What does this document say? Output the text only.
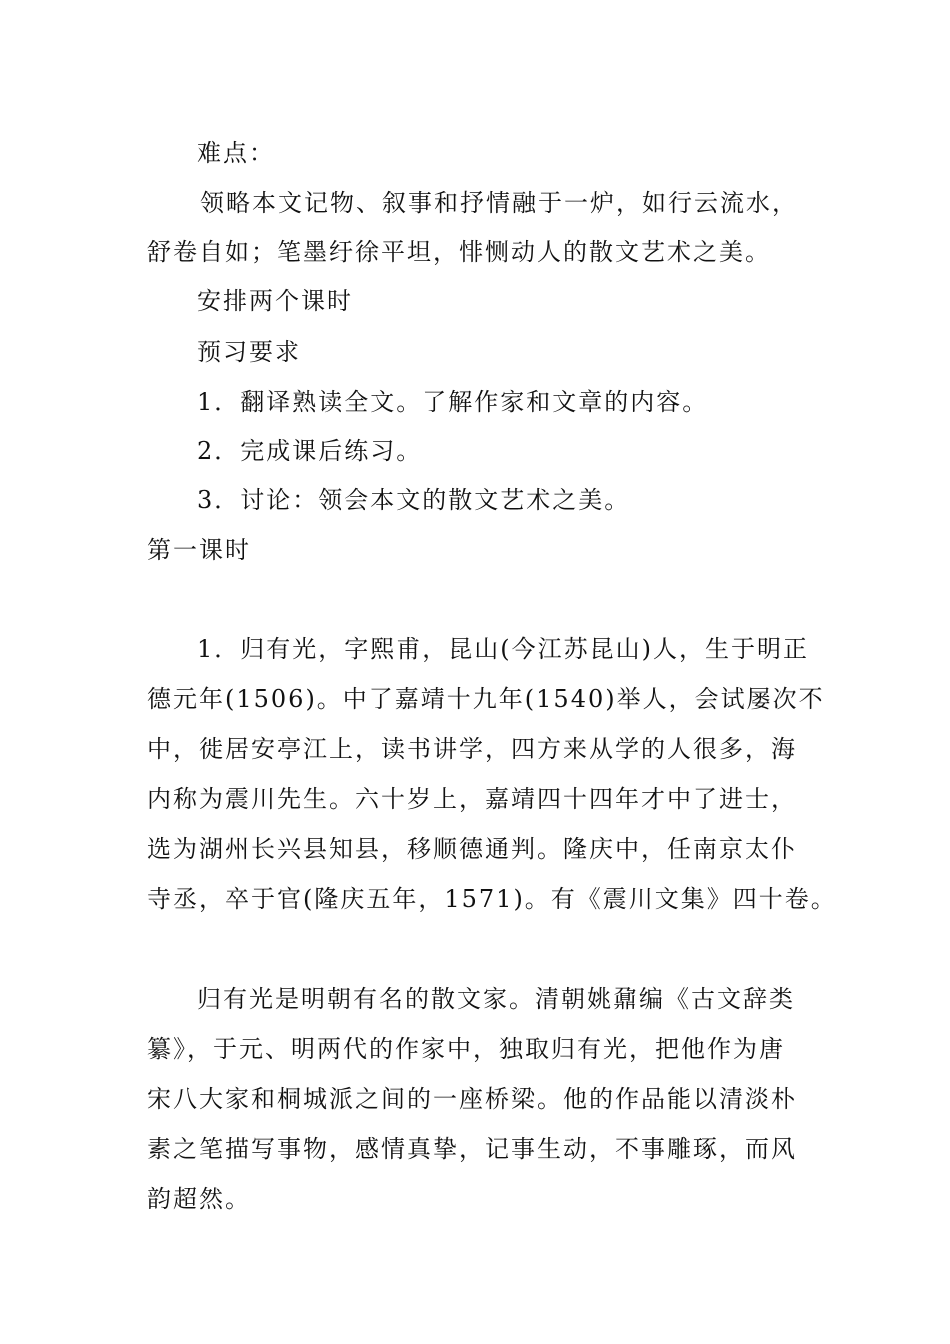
难点：
领略本文记物、叙事和抒情融于一炉，如行云流水，
舒卷自如；笔墨纡徐平坦，悱恻动人的散文艺术之美。
安排两个课时
预习要求
1．翻译熟读全文。了解作家和文章的内容。
2．完成课后练习。
3．讨论：领会本文的散文艺术之美。
第一课时
1．归有光，字熙甫，昆山(今江苏昆山)人，生于明正
德元年(1506)。中了嘉靖十九年(1540)举人，会试屡次不
中，徙居安亭江上，读书讲学，四方来从学的人很多，海
内称为震川先生。六十岁上，嘉靖四十四年才中了进士，
选为湖州长兴县知县，移顺德通判。隆庆中，任南京太仆
寺丞，卒于官(隆庆五年，1571)。有《震川文集》四十卷。
归有光是明朝有名的散文家。清朝姚鼐编《古文辞类
纂》，于元、明两代的作家中，独取归有光，把他作为唐
宋八大家和桐城派之间的一座桥梁。他的作品能以清淡朴
素之笔描写事物，感情真挚，记事生动，不事雕琢，而风
韵超然。
